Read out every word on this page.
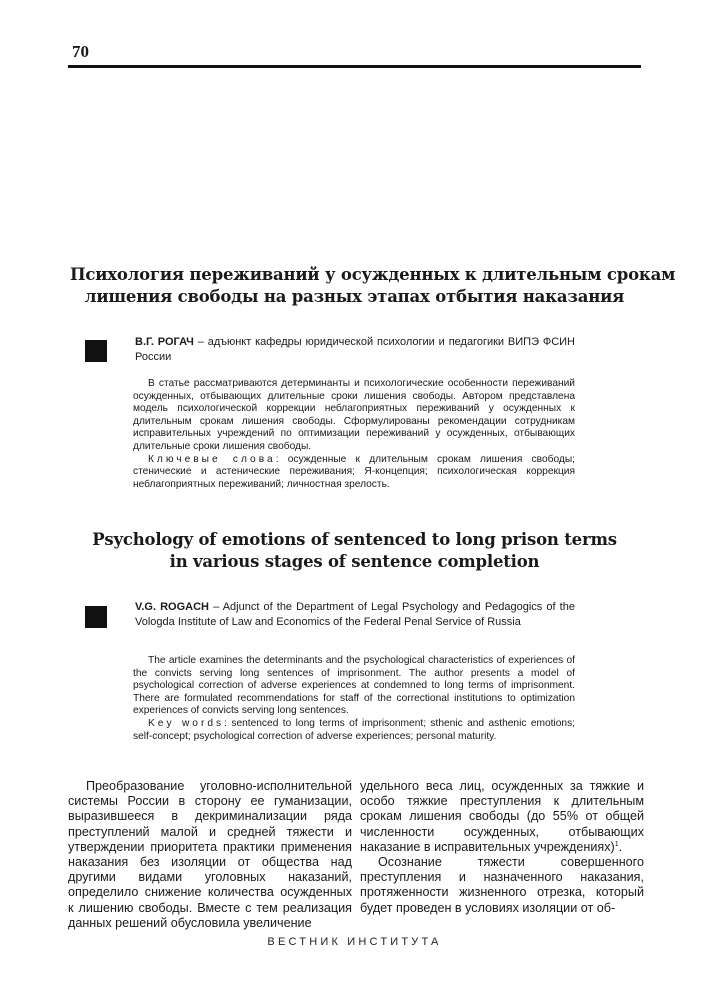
70
Психология переживаний у осужденных к длительным срокам
лишения свободы на разных этапах отбытия наказания
В.Г. РОГАЧ – адъюнкт кафедры юридической психологии и педагогики ВИПЭ ФСИН России

В статье рассматриваются детерминанты и психологические особенности переживаний осужденных, отбывающих длительные сроки лишения свободы. Автором представлена модель психологической коррекции неблагоприятных переживаний у осужденных к длительным срокам лишения свободы. Сформулированы рекомендации сотрудникам исправительных учреждений по оптимизации переживаний у осужденных, отбывающих длительные сроки лишения свободы.

Ключевые слова: осужденные к длительным срокам лишения свободы; стенические и астенические переживания; Я-концепция; психологическая коррекция неблагоприятных переживаний; личностная зрелость.

Psychology of emotions of sentenced to long prison terms
in various stages of sentence completion
V.G. ROGACH – Adjunct of the Department of Legal Psychology and Pedagogics of the Vologda Institute of Law and Economics of the Federal Penal Service of Russia

The article examines the determinants and the psychological characteristics of experiences of the convicts serving long sentences of imprisonment. The author presents a model of psychological correction of adverse experiences at condemned to long terms of imprisonment. There are formulated recommendations for staff of the correctional institutions to optimization experiences of convicts serving long sentences.

Key words: sentenced to long terms of imprisonment; sthenic and asthenic emotions; self-concept; psychological correction of adverse experiences; personal maturity.

Преобразование уголовно-исполнительной системы России в сторону ее гуманизации, выразившееся в декриминализации ряда преступлений малой и средней тяжести и утверждении приоритета практики применения наказания без изоляции от общества над другими видами уголовных наказаний, определило снижение количества осужденных к лишению свободы. Вместе с тем реализация данных решений обусловила увеличение

удельного веса лиц, осужденных за тяжкие и особо тяжкие преступления к длительным срокам лишения свободы (до 55% от общей численности осужденных, отбывающих наказание в исправительных учреждениях)$^1$.

Осознание тяжести совершенного преступления и назначенного наказания, протяженности жизненного отрезка, который будет проведен в условиях изоляции от об-

ВЕСТНИК ИНСТИТУТА
